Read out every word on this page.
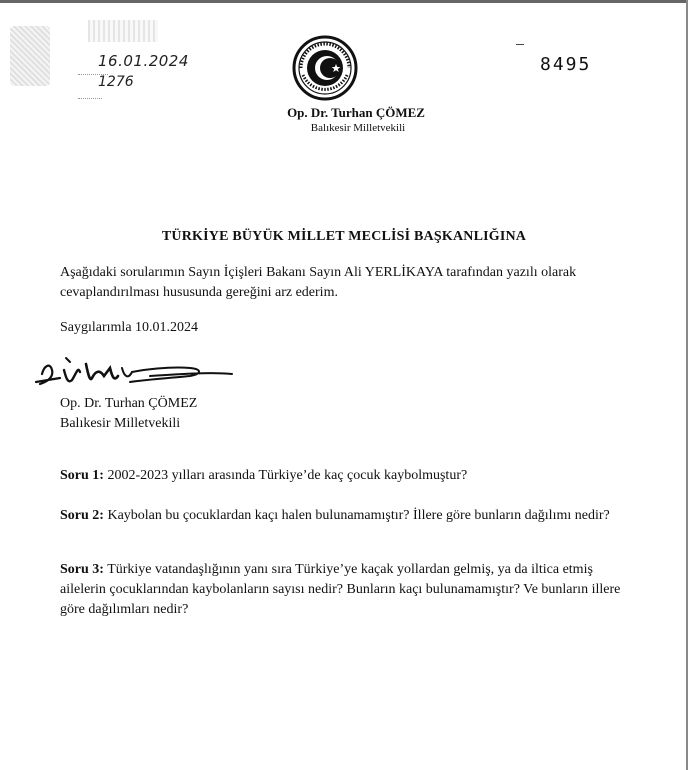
16.01.2024
1276
8495
Op. Dr. Turhan ÇÖMEZ
Balıkesir Milletvekili
TÜRKİYE BÜYÜK MİLLET MECLİSİ BAŞKANLIĞINA
Aşağıdaki sorularımın Sayın İçişleri Bakanı Sayın Ali YERLİKAYA tarafından yazılı olarak cevaplandırılması hususunda gereğini arz ederim.
Saygılarımla 10.01.2024
Op. Dr. Turhan ÇÖMEZ
Balıkesir Milletvekili
Soru 1: 2002-2023 yılları arasında Türkiye’de kaç çocuk kaybolmuştur?
Soru 2: Kaybolan bu çocuklardan kaçı halen bulunamamıştır? İllere göre bunların dağılımı nedir?
Soru 3: Türkiye vatandaşlığının yanı sıra Türkiye’ye kaçak yollardan gelmiş, ya da iltica etmiş ailelerin çocuklarından kaybolanların sayısı nedir? Bunların kaçı bulunamamıştır? Ve bunların illere göre dağılımları nedir?
